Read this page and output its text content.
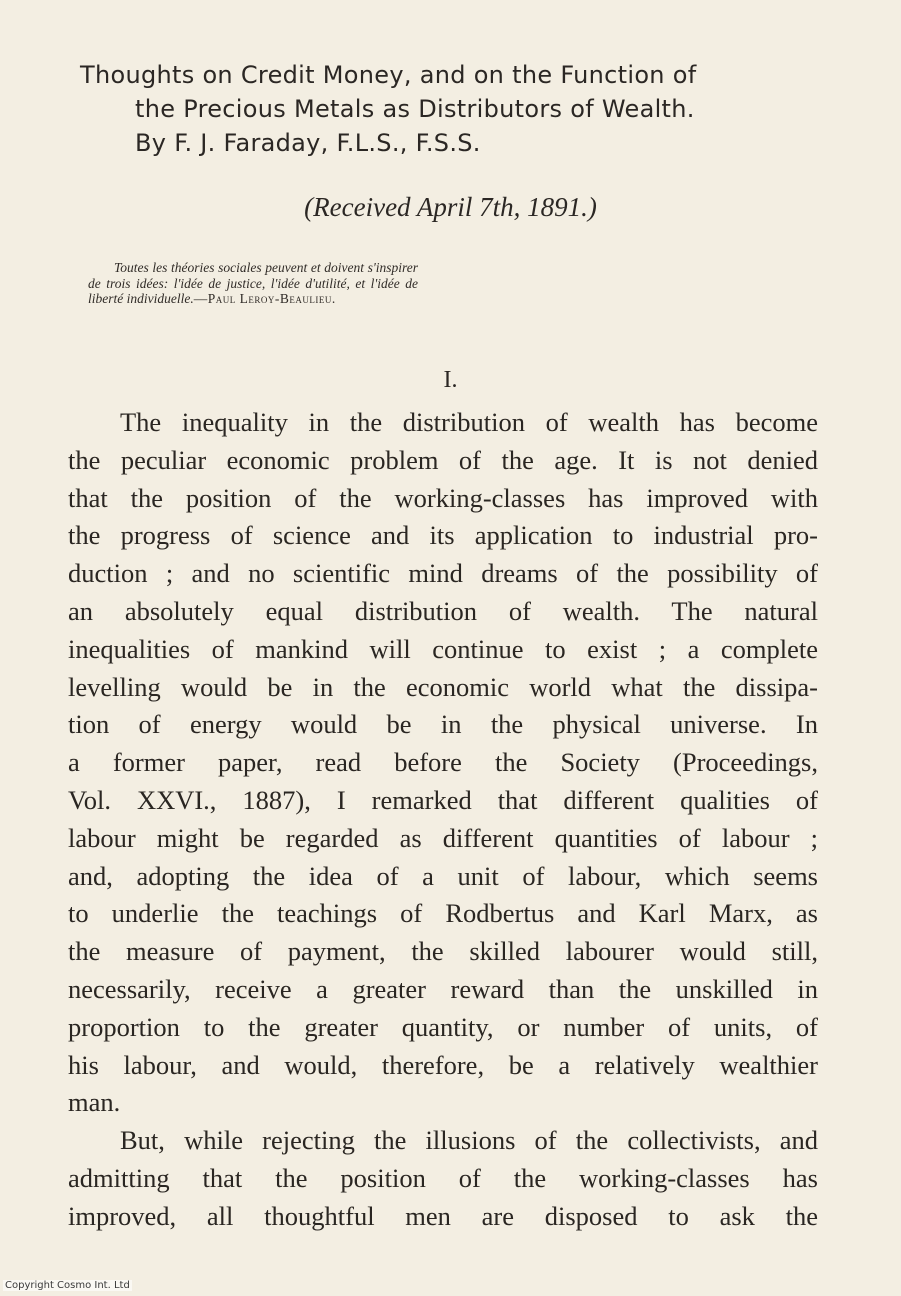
Thoughts on Credit Money, and on the Function of
the Precious Metals as Distributors of Wealth.
By F. J. Faraday, F.L.S., F.S.S.
(Received April 7th, 1891.)
Toutes les théories sociales peuvent et doivent s'inspirer de trois idées: l'idée de justice, l'idée d'utilité, et l'idée de liberté individuelle.—Paul Leroy-Beaulieu.
I.
The inequality in the distribution of wealth has become
the peculiar economic problem of the age. It is not denied
that the position of the working-classes has improved with
the progress of science and its application to industrial pro-
duction ; and no scientific mind dreams of the possibility of
an absolutely equal distribution of wealth. The natural
inequalities of mankind will continue to exist ; a complete
levelling would be in the economic world what the dissipa-
tion of energy would be in the physical universe. In
a former paper, read before the Society (Proceedings,
Vol. XXVI., 1887), I remarked that different qualities of
labour might be regarded as different quantities of labour ;
and, adopting the idea of a unit of labour, which seems
to underlie the teachings of Rodbertus and Karl Marx, as
the measure of payment, the skilled labourer would still,
necessarily, receive a greater reward than the unskilled in
proportion to the greater quantity, or number of units, of
his labour, and would, therefore, be a relatively wealthier
man.
But, while rejecting the illusions of the collectivists, and
admitting that the position of the working-classes has
improved, all thoughtful men are disposed to ask the
Copyright Cosmo Int. Ltd
